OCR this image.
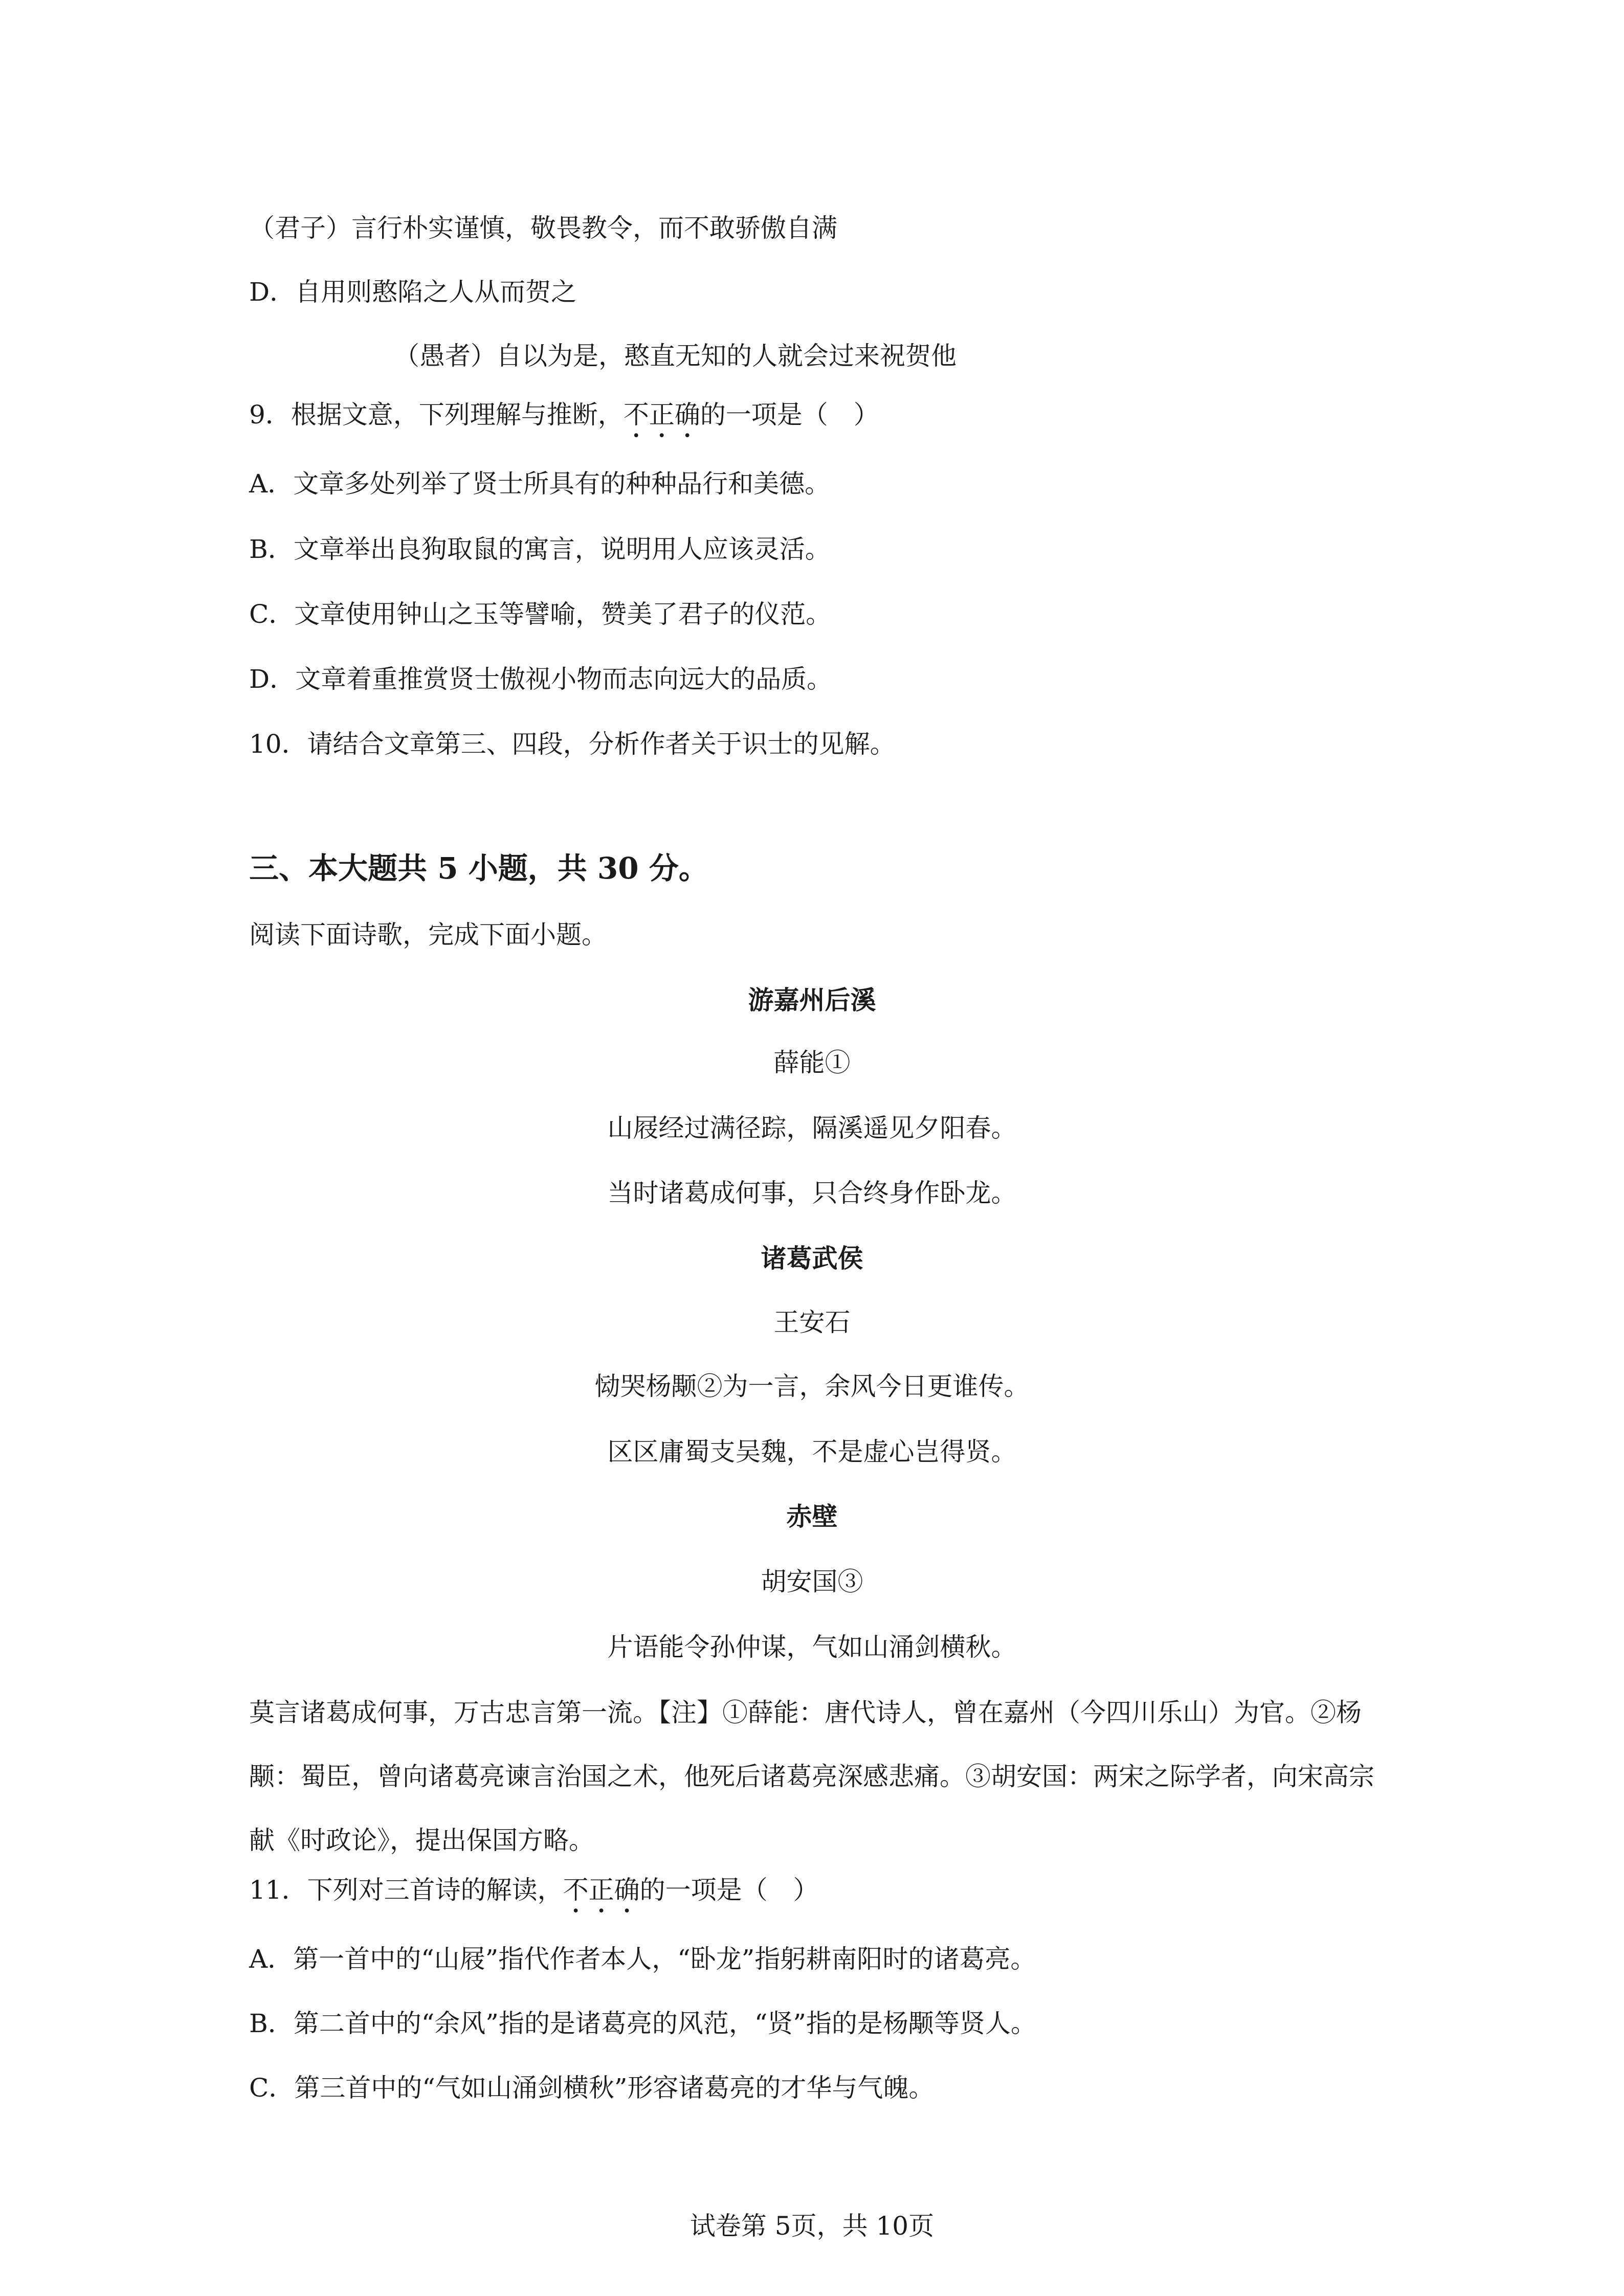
（君子）言行朴实谨慎，敬畏教令，而不敢骄傲自满
D．自用则憨陷之人从而贺之
（愚者）自以为是，憨直无知的人就会过来祝贺他
9．根据文意，下列理解与推断，不正确的一项是（　）
A．文章多处列举了贤士所具有的种种品行和美德。
B．文章举出良狗取鼠的寓言，说明用人应该灵活。
C．文章使用钟山之玉等譬喻，赞美了君子的仪范。
D．文章着重推赏贤士傲视小物而志向远大的品质。
10．请结合文章第三、四段，分析作者关于识士的见解。
三、本大题共 5 小题，共 30 分。
阅读下面诗歌，完成下面小题。
游嘉州后溪
薛能①
山屐经过满径踪，隔溪遥见夕阳春。
当时诸葛成何事，只合终身作卧龙。
诸葛武侯
王安石
恸哭杨颙②为一言，余风今日更谁传。
区区庸蜀支吴魏，不是虚心岂得贤。
赤壁
胡安国③
片语能令孙仲谋，气如山涌剑横秋。
莫言诸葛成何事，万古忠言第一流。【注】①薛能：唐代诗人，曾在嘉州（今四川乐山）为官。②杨颙：蜀臣，曾向诸葛亮谏言治国之术，他死后诸葛亮深感悲痛。③胡安国：两宋之际学者，向宋高宗献《时政论》，提出保国方略。
11．下列对三首诗的解读，不正确的一项是（　）
A．第一首中的“山屐”指代作者本人，“卧龙”指躬耕南阳时的诸葛亮。
B．第二首中的“余风”指的是诸葛亮的风范，“贤”指的是杨颙等贤人。
C．第三首中的“气如山涌剑横秋”形容诸葛亮的才华与气魄。
试卷第 5页，共 10页
